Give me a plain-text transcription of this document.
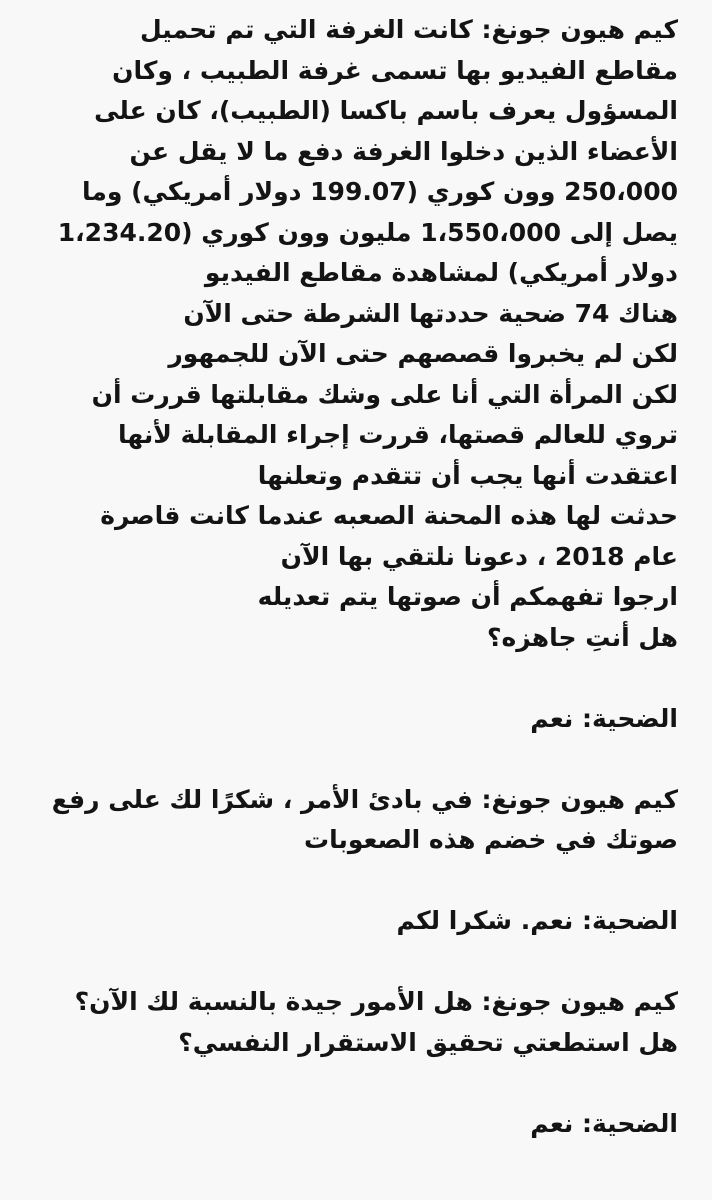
كيم هيون جونغ: كانت الغرفة التي تم تحميل
مقاطع الفيديو بها تسمى غرفة الطبيب ، وكان
المسؤول يعرف باسم باكسا (الطبيب)، كان على
الأعضاء الذين دخلوا الغرفة دفع ما لا يقل عن
250،000 وون كوري (199.07 دولار أمريكي) وما
يصل إلى 1،550،000 مليون وون كوري (1،234.20
دولار أمريكي) لمشاهدة مقاطع الفيديو
هناك 74 ضحية حددتها الشرطة حتى الآن
لكن لم يخبروا قصصهم حتى الآن للجمهور
لكن المرأة التي أنا على وشك مقابلتها قررت أن
تروي للعالم قصتها، قررت إجراء المقابلة لأنها
اعتقدت أنها يجب أن تتقدم وتعلنها
حدثت لها هذه المحنة الصعبه عندما كانت قاصرة
عام 2018 ، دعونا نلتقي بها الآن
ارجوا تفهمكم أن صوتها يتم تعديله
هل أنتِ جاهزه؟
الضحية: نعم
كيم هيون جونغ: في بادئ الأمر ، شكرًا لك على رفع
صوتك في خضم هذه الصعوبات
الضحية: نعم. شكرا لكم
كيم هيون جونغ: هل الأمور جيدة بالنسبة لك الآن؟
هل استطعتي تحقيق الاستقرار النفسي؟
الضحية: نعم
